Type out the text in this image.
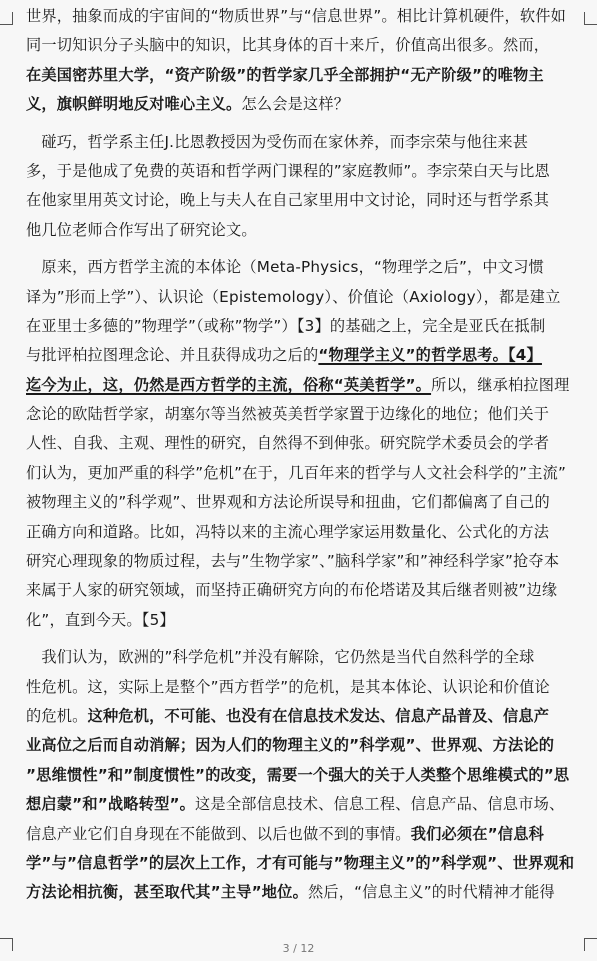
世界，抽象而成的宇宙间的“物质世界”与“信息世界”。相比计算机硬件，软件如
同一切知识分子头脑中的知识，比其身体的百十来斤，价值高出很多。然而，
在美国密苏里大学，“资产阶级”的哲学家几乎全部拥护“无产阶级”的唯物主
义，旗帜鲜明地反对唯心主义。怎么会是这样？
　碰巧，哲学系主任J.比恩教授因为受伤而在家休养，而李宗荣与他往来甚
多，于是他成了免费的英语和哲学两门课程的”家庭教师”。李宗荣白天与比恩
在他家里用英文讨论，晚上与夫人在自己家里用中文讨论，同时还与哲学系其
他几位老师合作写出了研究论文。
　原来，西方哲学主流的本体论（Meta-Physics，“物理学之后”，中文习惯
译为”形而上学”）、认识论（Epistemology）、价值论（Axiology），都是建立
在亚里士多德的”物理学”（或称”物学”）【3】的基础之上，完全是亚氏在抵制
与批评柏拉图理念论、并且获得成功之后的“物理学主义”的哲学思考。【4】
迄今为止，这，仍然是西方哲学的主流，俗称“英美哲学”。所以，继承柏拉图理
念论的欧陆哲学家，胡塞尔等当然被英美哲学家置于边缘化的地位；他们关于
人性、自我、主观、理性的研究，自然得不到伸张。研究院学术委员会的学者
们认为，更加严重的科学”危机”在于，几百年来的哲学与人文社会科学的”主流”
被物理主义的”科学观”、世界观和方法论所误导和扭曲，它们都偏离了自己的
正确方向和道路。比如，冯特以来的主流心理学家运用数量化、公式化的方法
研究心理现象的物质过程，去与”生物学家”、”脑科学家”和”神经科学家”抢夺本
来属于人家的研究领域，而坚持正确研究方向的布伦塔诺及其后继者则被”边缘
化”，直到今天。【5】
　我们认为，欧洲的”科学危机”并没有解除，它仍然是当代自然科学的全球
性危机。这，实际上是整个”西方哲学”的危机，是其本体论、认识论和价值论
的危机。这种危机，不可能、也没有在信息技术发达、信息产品普及、信息产
业高位之后而自动消解；因为人们的物理主义的”科学观”、世界观、方法论的
”思维惯性”和”制度惯性”的改变，需要一个强大的关于人类整个思维模式的”思
想启蒙”和”战略转型”。这是全部信息技术、信息工程、信息产品、信息市场、
信息产业它们自身现在不能做到、以后也做不到的事情。我们必须在”信息科
学”与”信息哲学”的层次上工作，才有可能与”物理主义”的”科学观”、世界观和
方法论相抗衡，甚至取代其”主导”地位。然后，“信息主义”的时代精神才能得
3 / 12
